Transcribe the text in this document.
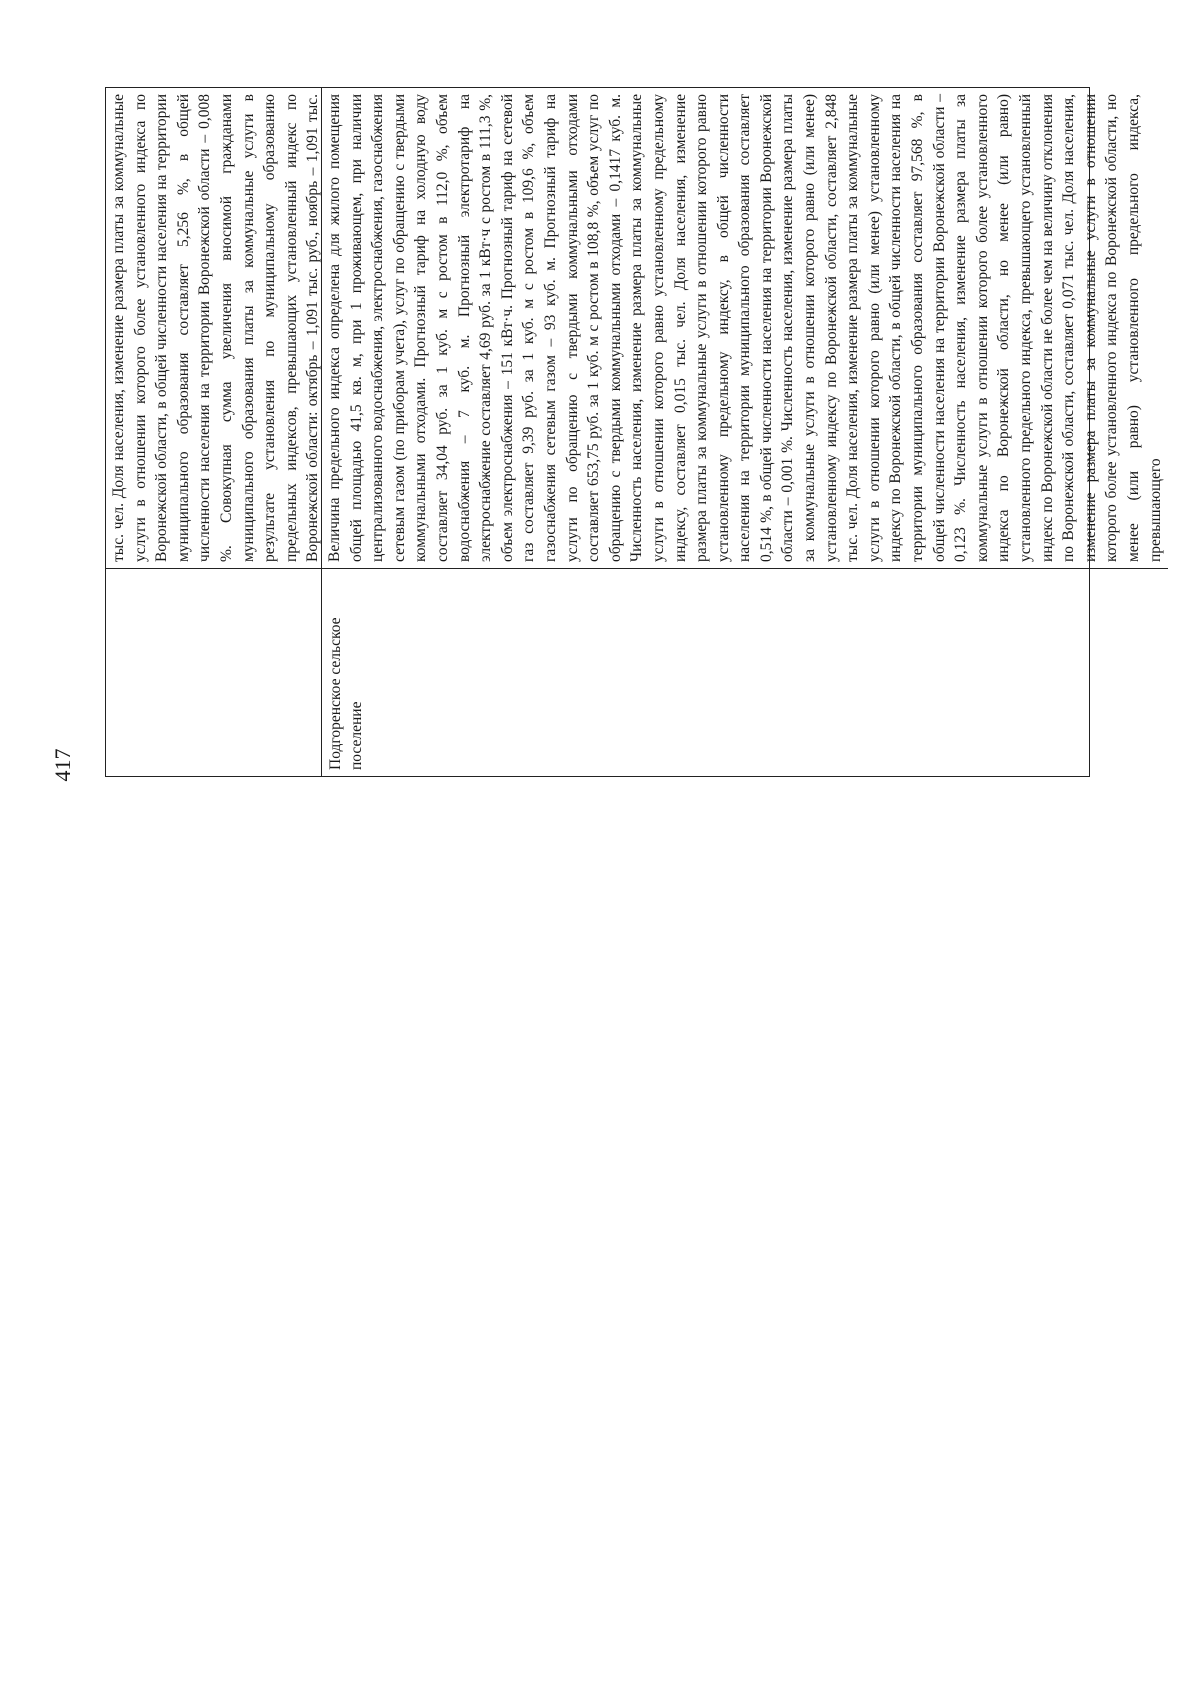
417
тыс. чел. Доля населения, изменение размера платы за коммунальные услуги в отношении которого более установленного индекса по Воронежской области, в общей численности населения на территории муниципального образования составляет 5,256 %, в общей численности населения на территории Воронежской области – 0,008 %. Совокупная сумма увеличения вносимой гражданами муниципального образования платы за коммунальные услуги в результате установления по муниципальному образованию предельных индексов, превышающих установленный индекс по Воронежской области: октябрь – 1,091 тыс. руб., ноябрь – 1,091 тыс.
Подгоренское сельское поселение
Величина предельного индекса определена для жилого помещения общей площадью 41,5 кв. м, при 1 проживающем, при наличии централизованного водоснабжения, электроснабжения, газоснабжения сетевым газом (по приборам учета), услуг по обращению с твердыми коммунальными отходами. Прогнозный тариф на холодную воду составляет 34,04 руб. за 1 куб. м с ростом в 112,0 %, объем водоснабжения – 7 куб. м. Прогнозный электротариф на электроснабжение составляет 4,69 руб. за 1 кВт·ч с ростом в 111,3 %, объем электроснабжения – 151 кВт·ч. Прогнозный тариф на сетевой газ составляет 9,39 руб. за 1 куб. м с ростом в 109,6 %, объем газоснабжения сетевым газом – 93 куб. м. Прогнозный тариф на услуги по обращению с твердыми коммунальными отходами составляет 653,75 руб. за 1 куб. м с ростом в 108,8 %, объем услуг по обращению с твердыми коммунальными отходами – 0,1417 куб. м. Численность населения, изменение размера платы за коммунальные услуги в отношении которого равно установленному предельному индексу, составляет 0,015 тыс. чел. Доля населения, изменение размера платы за коммунальные услуги в отношении которого равно установленному предельному индексу, в общей численности населения на территории муниципального образования составляет 0,514 %, в общей численности населения на территории Воронежской области – 0,001 %. Численность населения, изменение размера платы за коммунальные услуги в отношении которого равно (или менее) установленному индексу по Воронежской области, составляет 2,848 тыс. чел. Доля населения, изменение размера платы за коммунальные услуги в отношении которого равно (или менее) установленному индексу по Воронежской области, в общей численности населения на территории муниципального образования составляет 97,568 %, в общей численности населения на территории Воронежской области – 0,123 %. Численность населения, изменение размера платы за коммунальные услуги в отношении которого более установленного индекса по Воронежской области, но менее (или равно) установленного предельного индекса, превышающего установленный индекс по Воронежской области не более чем на величину отклонения по Воронежской области, составляет 0,071 тыс. чел. Доля населения, изменение размера платы за коммунальные услуги в отношении которого более установленного индекса по Воронежской области, но менее (или равно) установленного предельного индекса, превышающего
